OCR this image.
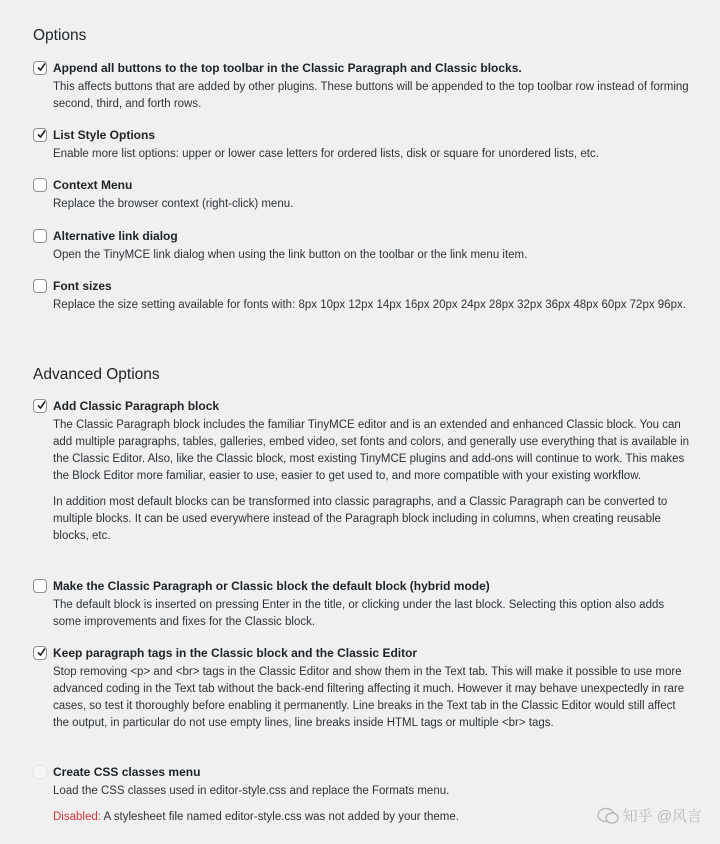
Options
Append all buttons to the top toolbar in the Classic Paragraph and Classic blocks.

This affects buttons that are added by other plugins. These buttons will be appended to the top toolbar row instead of forming second, third, and forth rows.

List Style Options

Enable more list options: upper or lower case letters for ordered lists, disk or square for unordered lists, etc.

Context Menu

Replace the browser context (right-click) menu.

Alternative link dialog

Open the TinyMCE link dialog when using the link button on the toolbar or the link menu item.

Font sizes

Replace the size setting available for fonts with: 8px 10px 12px 14px 16px 20px 24px 28px 32px 36px 48px 60px 72px 96px.

Advanced Options
Add Classic Paragraph block

The Classic Paragraph block includes the familiar TinyMCE editor and is an extended and enhanced Classic block. You can add multiple paragraphs, tables, galleries, embed video, set fonts and colors, and generally use everything that is available in the Classic Editor. Also, like the Classic block, most existing TinyMCE plugins and add-ons will continue to work. This makes the Block Editor more familiar, easier to use, easier to get used to, and more compatible with your existing workflow.

In addition most default blocks can be transformed into classic paragraphs, and a Classic Paragraph can be converted to multiple blocks. It can be used everywhere instead of the Paragraph block including in columns, when creating reusable blocks, etc.

Make the Classic Paragraph or Classic block the default block (hybrid mode)

The default block is inserted on pressing Enter in the title, or clicking under the last block. Selecting this option also adds some improvements and fixes for the Classic block.

Keep paragraph tags in the Classic block and the Classic Editor

Stop removing <p> and <br> tags in the Classic Editor and show them in the Text tab. This will make it possible to use more advanced coding in the Text tab without the back-end filtering affecting it much. However it may behave unexpectedly in rare cases, so test it thoroughly before enabling it permanently. Line breaks in the Text tab in the Classic Editor would still affect the output, in particular do not use empty lines, line breaks inside HTML tags or multiple <br> tags.

Create CSS classes menu

Load the CSS classes used in editor-style.css and replace the Formats menu.

Disabled: A stylesheet file named editor-style.css was not added by your theme.	知乎 @风言
